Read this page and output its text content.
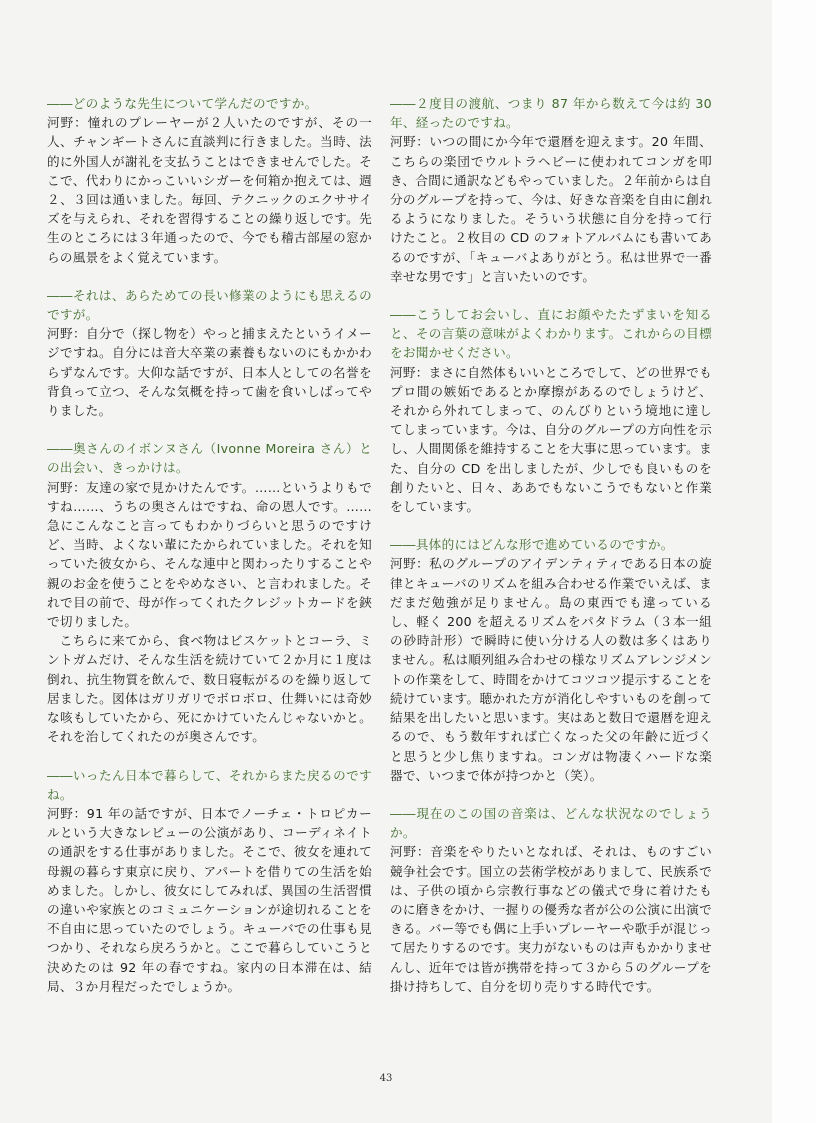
――どのような先生について学んだのですか。

河野：憧れのプレーヤーが２人いたのですが、その一人、チャンギートさんに直談判に行きました。当時、法的に外国人が謝礼を支払うことはできませんでした。そこで、代わりにかっこいいシガーを何箱か抱えては、週２、３回は通いました。毎回、テクニックのエクササイズを与えられ、それを習得することの繰り返しです。先生のところには３年通ったので、今でも稽古部屋の窓からの風景をよく覚えています。

――それは、あらためての長い修業のようにも思えるのですが。

河野：自分で（探し物を）やっと捕まえたというイメージですね。自分には音大卒業の素養もないのにもかかわらずなんです。大仰な話ですが、日本人としての名誉を背負って立つ、そんな気概を持って歯を食いしばってやりました。

――奥さんのイボンヌさん（Ivonne Moreira さん）との出会い、きっかけは。

河野：友達の家で見かけたんです。……というよりもですね……、うちの奥さんはですね、命の恩人です。……急にこんなこと言ってもわかりづらいと思うのですけど、当時、よくない輩にたかられていました。それを知っていた彼女から、そんな連中と関わったりすることや親のお金を使うことをやめなさい、と言われました。それで目の前で、母が作ってくれたクレジットカードを鋏で切りました。

こちらに来てから、食べ物はビスケットとコーラ、ミントガムだけ、そんな生活を続けていて２か月に１度は倒れ、抗生物質を飲んで、数日寝転がるのを繰り返して居ました。図体はガリガリでボロボロ、仕舞いには奇妙な咳もしていたから、死にかけていたんじゃないかと。それを治してくれたのが奥さんです。

――いったん日本で暮らして、それからまた戻るのですね。

河野：91 年の話ですが、日本でノーチェ・トロピカールという大きなレビューの公演があり、コーディネイトの通訳をする仕事がありました。そこで、彼女を連れて母親の暮らす東京に戻り、アパートを借りての生活を始めました。しかし、彼女にしてみれば、異国の生活習慣の違いや家族とのコミュニケーションが途切れることを不自由に思っていたのでしょう。キューバでの仕事も見つかり、それなら戻ろうかと。ここで暮らしていこうと決めたのは 92 年の春ですね。家内の日本滞在は、結局、３か月程だったでしょうか。

――２度目の渡航、つまり 87 年から数えて今は約 30 年、経ったのですね。

河野：いつの間にか今年で還暦を迎えます。20 年間、こちらの楽団でウルトラヘビーに使われてコンガを叩き、合間に通訳などもやっていました。２年前からは自分のグループを持って、今は、好きな音楽を自由に創れるようになりました。そういう状態に自分を持って行けたこと。２枚目の CD のフォトアルバムにも書いてあるのですが、「キューバよありがとう。私は世界で一番幸せな男です」と言いたいのです。

――こうしてお会いし、直にお顔やたたずまいを知ると、その言葉の意味がよくわかります。これからの目標をお聞かせください。

河野：まさに自然体もいいところでして、どの世界でもプロ間の嫉妬であるとか摩擦があるのでしょうけど、それから外れてしまって、のんびりという境地に達してしまっています。今は、自分のグループの方向性を示し、人間関係を維持することを大事に思っています。また、自分の CD を出しましたが、少しでも良いものを創りたいと、日々、ああでもないこうでもないと作業をしています。

――具体的にはどんな形で進めているのですか。

河野：私のグループのアイデンティティである日本の旋律とキューバのリズムを組み合わせる作業でいえば、まだまだ勉強が足りません。島の東西でも違っているし、軽く 200 を超えるリズムをパタドラム（３本一組の砂時計形）で瞬時に使い分ける人の数は多くはありません。私は順列組み合わせの様なリズムアレンジメントの作業をして、時間をかけてコツコツ提示することを続けています。聴かれた方が消化しやすいものを創って結果を出したいと思います。実はあと数日で還暦を迎えるので、もう数年すれば亡くなった父の年齢に近づくと思うと少し焦りますね。コンガは物凄くハードな楽器で、いつまで体が持つかと（笑）。

――現在のこの国の音楽は、どんな状況なのでしょうか。

河野：音楽をやりたいとなれば、それは、ものすごい競争社会です。国立の芸術学校がありまして、民族系では、子供の頃から宗教行事などの儀式で身に着けたものに磨きをかけ、一握りの優秀な者が公の公演に出演できる。バー等でも偶に上手いプレーヤーや歌手が混じって居たりするのです。実力がないものは声もかかりませんし、近年では皆が携帯を持って３から５のグループを掛け持ちして、自分を切り売りする時代です。

43
